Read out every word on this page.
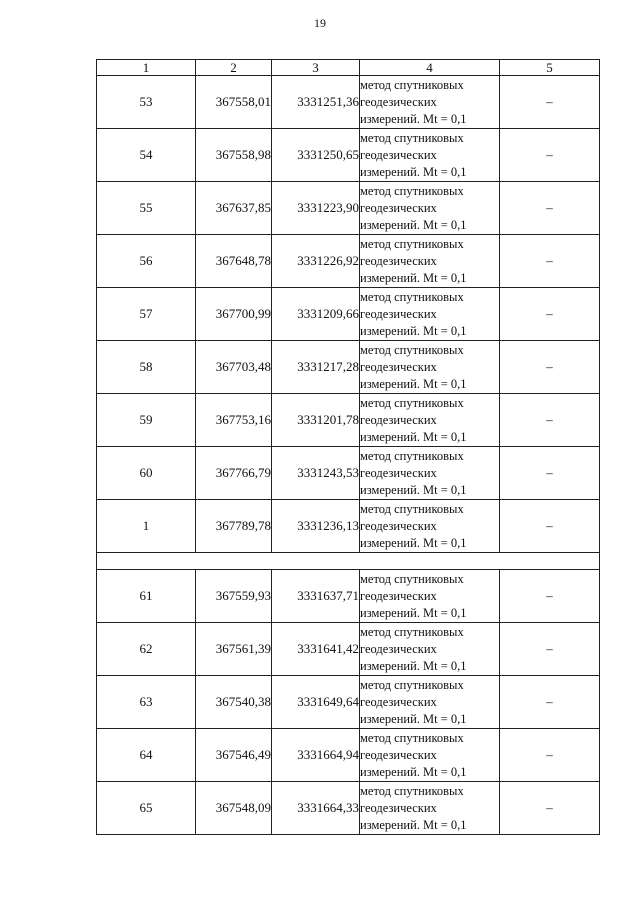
19
1	2	3	4	5
53	367558,01	3331251,36	метод спутниковых
геодезических
измерений. Mt = 0,1	–
54	367558,98	3331250,65	метод спутниковых
геодезических
измерений. Mt = 0,1	–
55	367637,85	3331223,90	метод спутниковых
геодезических
измерений. Mt = 0,1	–
56	367648,78	3331226,92	метод спутниковых
геодезических
измерений. Mt = 0,1	–
57	367700,99	3331209,66	метод спутниковых
геодезических
измерений. Mt = 0,1	–
58	367703,48	3331217,28	метод спутниковых
геодезических
измерений. Mt = 0,1	–
59	367753,16	3331201,78	метод спутниковых
геодезических
измерений. Mt = 0,1	–
60	367766,79	3331243,53	метод спутниковых
геодезических
измерений. Mt = 0,1	–
1	367789,78	3331236,13	метод спутниковых
геодезических
измерений. Mt = 0,1	–

61	367559,93	3331637,71	метод спутниковых
геодезических
измерений. Mt = 0,1	–
62	367561,39	3331641,42	метод спутниковых
геодезических
измерений. Mt = 0,1	–
63	367540,38	3331649,64	метод спутниковых
геодезических
измерений. Mt = 0,1	–
64	367546,49	3331664,94	метод спутниковых
геодезических
измерений. Mt = 0,1	–
65	367548,09	3331664,33	метод спутниковых
геодезических
измерений. Mt = 0,1	–
